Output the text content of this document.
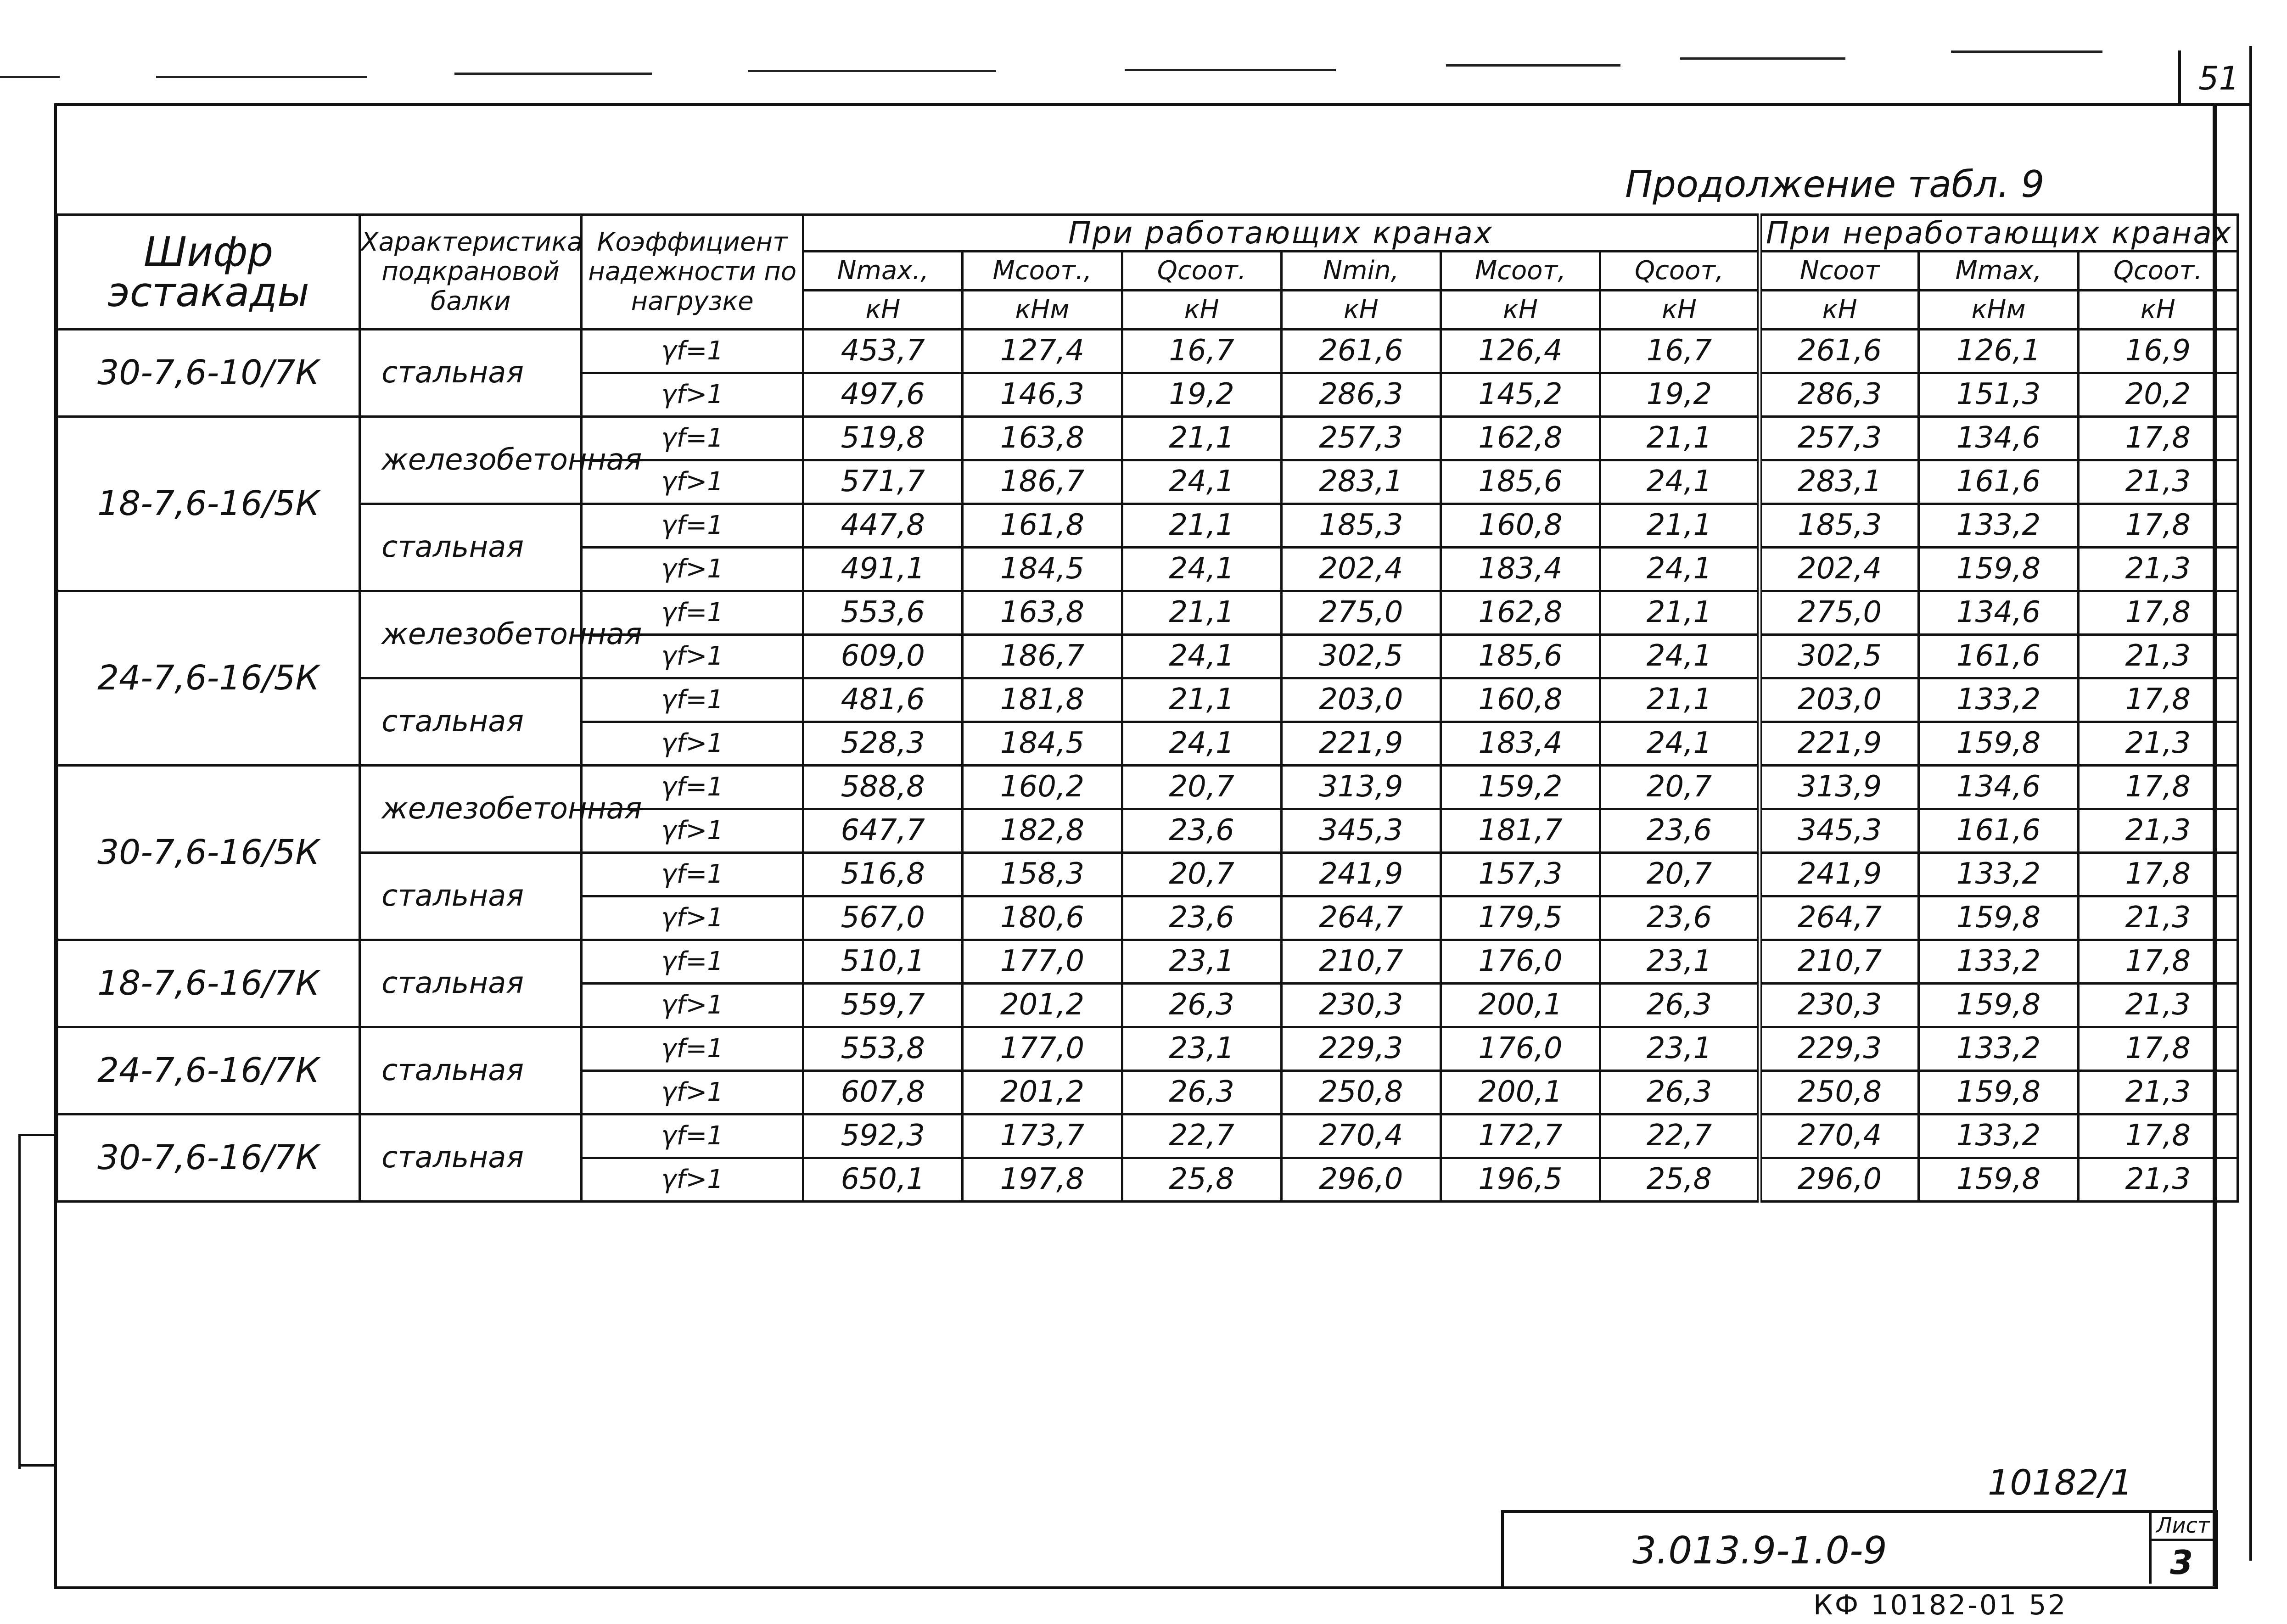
51
Продолжение табл. 9
Шифр эстакады	Характеристика подкрановой балки	Коэффициент надежности по нагрузке	При работающих кранах						При неработающих кранах		
			Nmax.,	Mсоот.,	Qсоот.	Nmin,	Mсоот,	Qсоот,	Nсоот	Mmax,	Qсоот.
			кН	кНм	кН	кН	кН	кН	кН	кНм	кН
30-7,6-10/7К	стальная	γf=1	453,7	127,4	16,7	261,6	126,4	16,7	261,6	126,1	16,9
		γf>1	497,6	146,3	19,2	286,3	145,2	19,2	286,3	151,3	20,2
18-7,6-16/5К	железобетонная	γf=1	519,8	163,8	21,1	257,3	162,8	21,1	257,3	134,6	17,8
		γf>1	571,7	186,7	24,1	283,1	185,6	24,1	283,1	161,6	21,3
	стальная	γf=1	447,8	161,8	21,1	185,3	160,8	21,1	185,3	133,2	17,8
		γf>1	491,1	184,5	24,1	202,4	183,4	24,1	202,4	159,8	21,3
24-7,6-16/5К	железобетонная	γf=1	553,6	163,8	21,1	275,0	162,8	21,1	275,0	134,6	17,8
		γf>1	609,0	186,7	24,1	302,5	185,6	24,1	302,5	161,6	21,3
	стальная	γf=1	481,6	181,8	21,1	203,0	160,8	21,1	203,0	133,2	17,8
		γf>1	528,3	184,5	24,1	221,9	183,4	24,1	221,9	159,8	21,3
30-7,6-16/5К	железобетонная	γf=1	588,8	160,2	20,7	313,9	159,2	20,7	313,9	134,6	17,8
		γf>1	647,7	182,8	23,6	345,3	181,7	23,6	345,3	161,6	21,3
	стальная	γf=1	516,8	158,3	20,7	241,9	157,3	20,7	241,9	133,2	17,8
		γf>1	567,0	180,6	23,6	264,7	179,5	23,6	264,7	159,8	21,3
18-7,6-16/7К	стальная	γf=1	510,1	177,0	23,1	210,7	176,0	23,1	210,7	133,2	17,8
		γf>1	559,7	201,2	26,3	230,3	200,1	26,3	230,3	159,8	21,3
24-7,6-16/7К	стальная	γf=1	553,8	177,0	23,1	229,3	176,0	23,1	229,3	133,2	17,8
		γf>1	607,8	201,2	26,3	250,8	200,1	26,3	250,8	159,8	21,3
30-7,6-16/7К	стальная	γf=1	592,3	173,7	22,7	270,4	172,7	22,7	270,4	133,2	17,8
		γf>1	650,1	197,8	25,8	296,0	196,5	25,8	296,0	159,8	21,3
10182/1
3.013.9-1.0-9
Лист
3
КФ 10182-01 52
